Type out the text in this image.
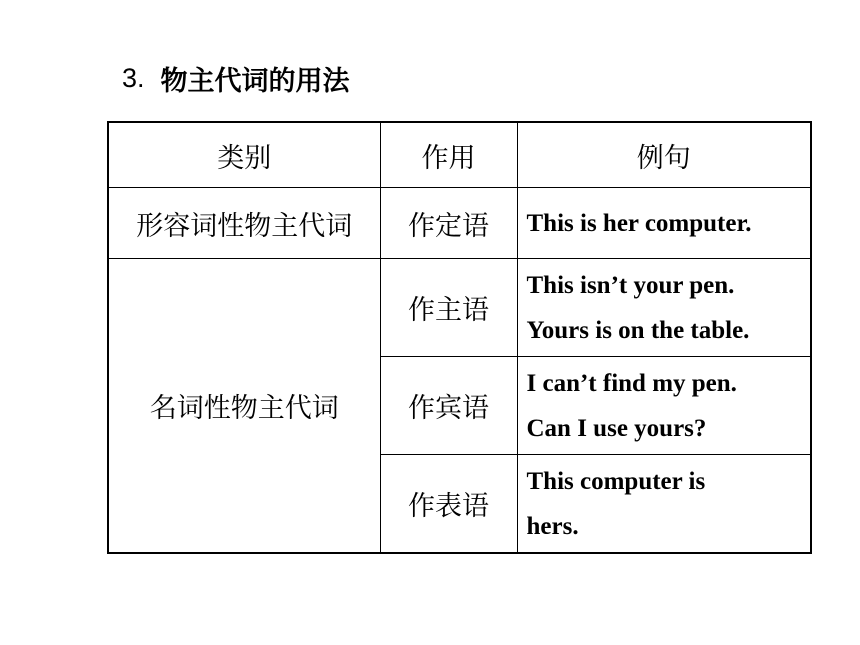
3. 物主代词的用法
类别	作用	例句
形容词性物主代词	作定语	This is her computer.

名词性物主代词	作主语	This isn’t your pen.
Yours is on the table.

	作宾语	I can’t find my pen.
Can I use yours?

	作表语	This computer is
hers.
